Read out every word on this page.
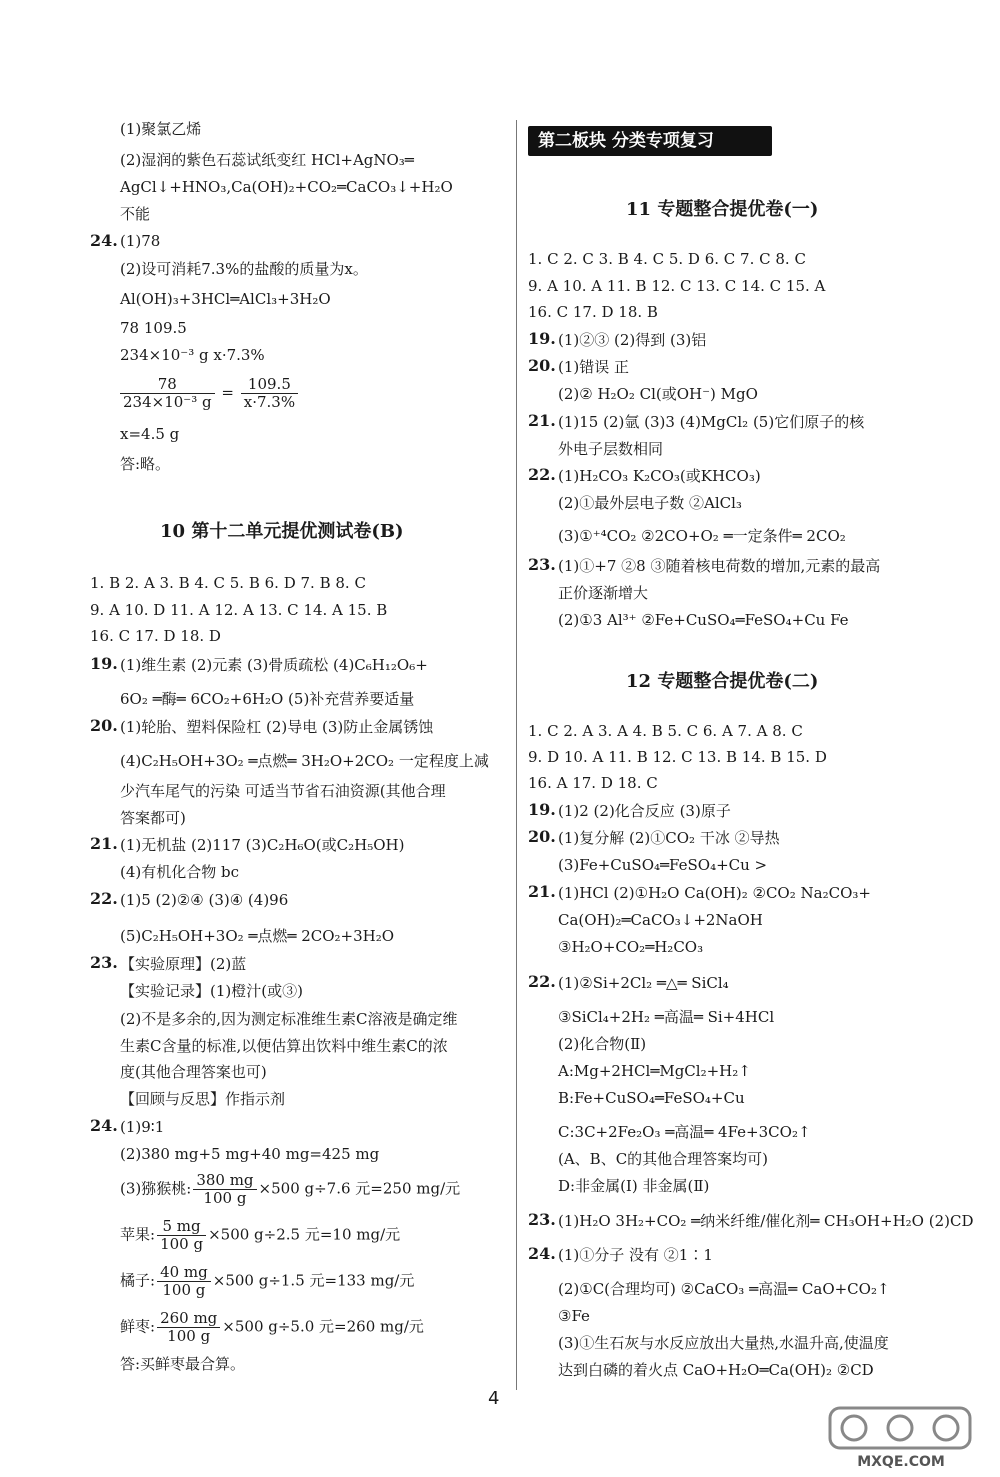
(1)聚氯乙烯
(2)湿润的紫色石蕊试纸变红 HCl+AgNO₃═
AgCl↓+HNO₃,Ca(OH)₂+CO₂═CaCO₃↓+H₂O
不能
24. (1)78
(2)设可消耗7.3%的盐酸的质量为x。
Al(OH)₃+3HCl═AlCl₃+3H₂O
78 109.5
234×10⁻³ g x·7.3%
$\frac{78}{\text{234×10⁻³ g}} = \frac{109.5}{x\cdot 7.3\%}$
x=4.5 g
答:略。
10 第十二单元提优测试卷(B)
1. B 2. A 3. B 4. C 5. B 6. D 7. B 8. C
9. A 10. D 11. A 12. A 13. C 14. A 15. B
16. C 17. D 18. D
19. (1)维生素 (2)元素 (3)骨质疏松 (4)C₆H₁₂O₆+
6O₂ ═酶═ 6CO₂+6H₂O (5)补充营养要适量
20. (1)轮胎、塑料保险杠 (2)导电 (3)防止金属锈蚀
(4)C₂H₅OH+3O₂ ═点燃═ 3H₂O+2CO₂ 一定程度上减
少汽车尾气的污染 可适当节省石油资源(其他合理
答案都可)
21. (1)无机盐 (2)117 (3)C₂H₆O(或C₂H₅OH)
(4)有机化合物 bc
22. (1)5 (2)②④ (3)④ (4)96
(5)C₂H₅OH+3O₂ ═点燃═ 2CO₂+3H₂O
23. 【实验原理】(2)蓝
【实验记录】(1)橙汁(或③)
(2)不是多余的,因为测定标准维生素C溶液是确定维
生素C含量的标准,以便估算出饮料中维生素C的浓
度(其他合理答案也可)
【回顾与反思】作指示剂
24. (1)9∶1
(2)380 mg+5 mg+40 mg=425 mg
(3)猕猴桃: $\frac{380 mg}{100 g} \times 500$ g÷7.6 元=250 mg/元
苹果: $\frac{5 mg}{100 g} \times 500$ g÷2.5 元=10 mg/元
橘子: $\frac{40 mg}{100 g} \times 500$ g÷1.5 元=133 mg/元
鲜枣: $\frac{260 mg}{100 g} \times 500$ g÷5.0 元=260 mg/元
答:买鲜枣最合算。
第二板块 分类专项复习
11 专题整合提优卷(一)
1. C 2. C 3. B 4. C 5. D 6. C 7. C 8. C
9. A 10. A 11. B 12. C 13. C 14. C 15. A
16. C 17. D 18. B
19. (1)②③ (2)得到 (3)铝
20. (1)错误 正
(2)② H₂O₂ Cl(或OH⁻) MgO
21. (1)15 (2)氩 (3)3 (4)MgCl₂ (5)它们原子的核
外电子层数相同
22. (1)H₂CO₃ K₂CO₃(或KHCO₃)
(2)①最外层电子数 ②AlCl₃
(3)①⁺⁴CO₂ ②2CO+O₂ ═一定条件═ 2CO₂
23. (1)①+7 ②8 ③随着核电荷数的增加,元素的最高
正价逐渐增大
(2)①3 Al³⁺ ②Fe+CuSO₄═FeSO₄+Cu Fe
12 专题整合提优卷(二)
1. C 2. A 3. A 4. B 5. C 6. A 7. A 8. C
9. D 10. A 11. B 12. C 13. B 14. B 15. D
16. A 17. D 18. C
19. (1)2 (2)化合反应 (3)原子
20. (1)复分解 (2)①CO₂ 干冰 ②导热
(3)Fe+CuSO₄═FeSO₄+Cu >
21. (1)HCl (2)①H₂O Ca(OH)₂ ②CO₂ Na₂CO₃+
Ca(OH)₂═CaCO₃↓+2NaOH
③H₂O+CO₂═H₂CO₃
22. (1)②Si+2Cl₂ ═△═ SiCl₄
③SiCl₄+2H₂ ═高温═ Si+4HCl
(2)化合物(Ⅱ)
A:Mg+2HCl═MgCl₂+H₂↑
B:Fe+CuSO₄═FeSO₄+Cu
C:3C+2Fe₂O₃ ═高温═ 4Fe+3CO₂↑
(A、B、C的其他合理答案均可)
D:非金属(Ⅰ) 非金属(Ⅱ)
23. (1)H₂O 3H₂+CO₂ ═纳米纤维/催化剂═ CH₃OH+H₂O (2)CD
24. (1)①分子 没有 ②1∶1
(2)①C(合理均可) ②CaCO₃ ═高温═ CaO+CO₂↑
③Fe
(3)①生石灰与水反应放出大量热,水温升高,使温度
达到白磷的着火点 CaO+H₂O═Ca(OH)₂ ②CD
4
MXQE.COM
